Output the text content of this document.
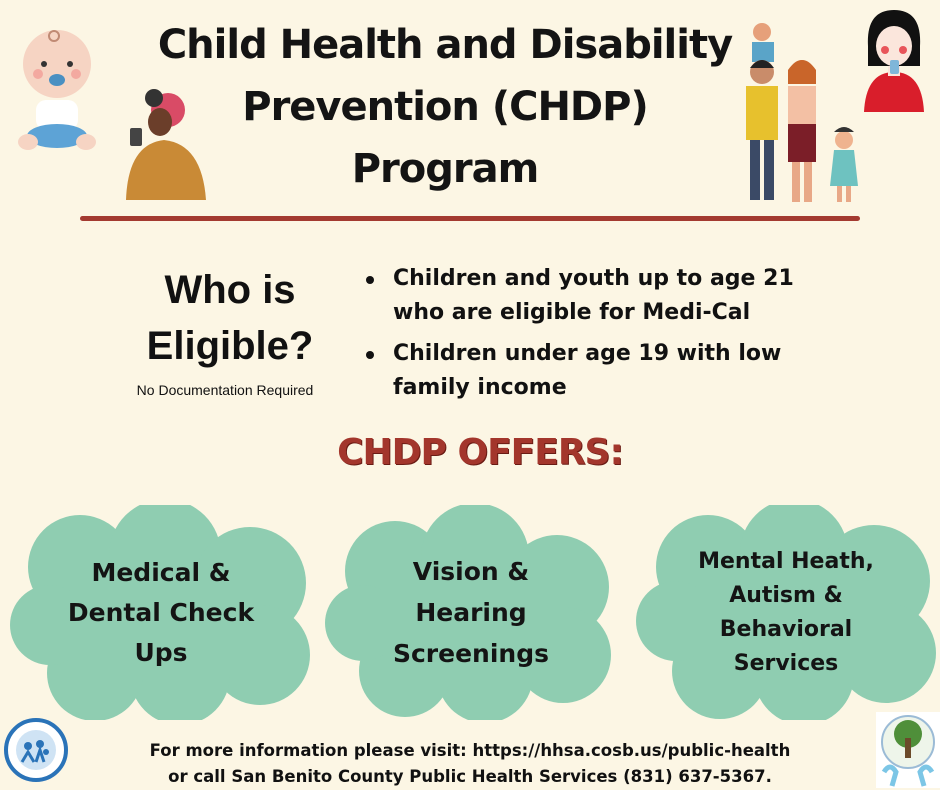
Child Health and Disability
Prevention (CHDP)
Program
Who is
Eligible?
No Documentation Required
Children and youth up to age 21 who are eligible for Medi-Cal
Children under age 19 with low family income
CHDP OFFERS:
Medical & Dental Check Ups
Vision & Hearing Screenings
Mental Heath, Autism & Behavioral Services
For more information please visit: https://hhsa.cosb.us/public-health
or call San Benito County Public Health Services (831) 637-5367.
